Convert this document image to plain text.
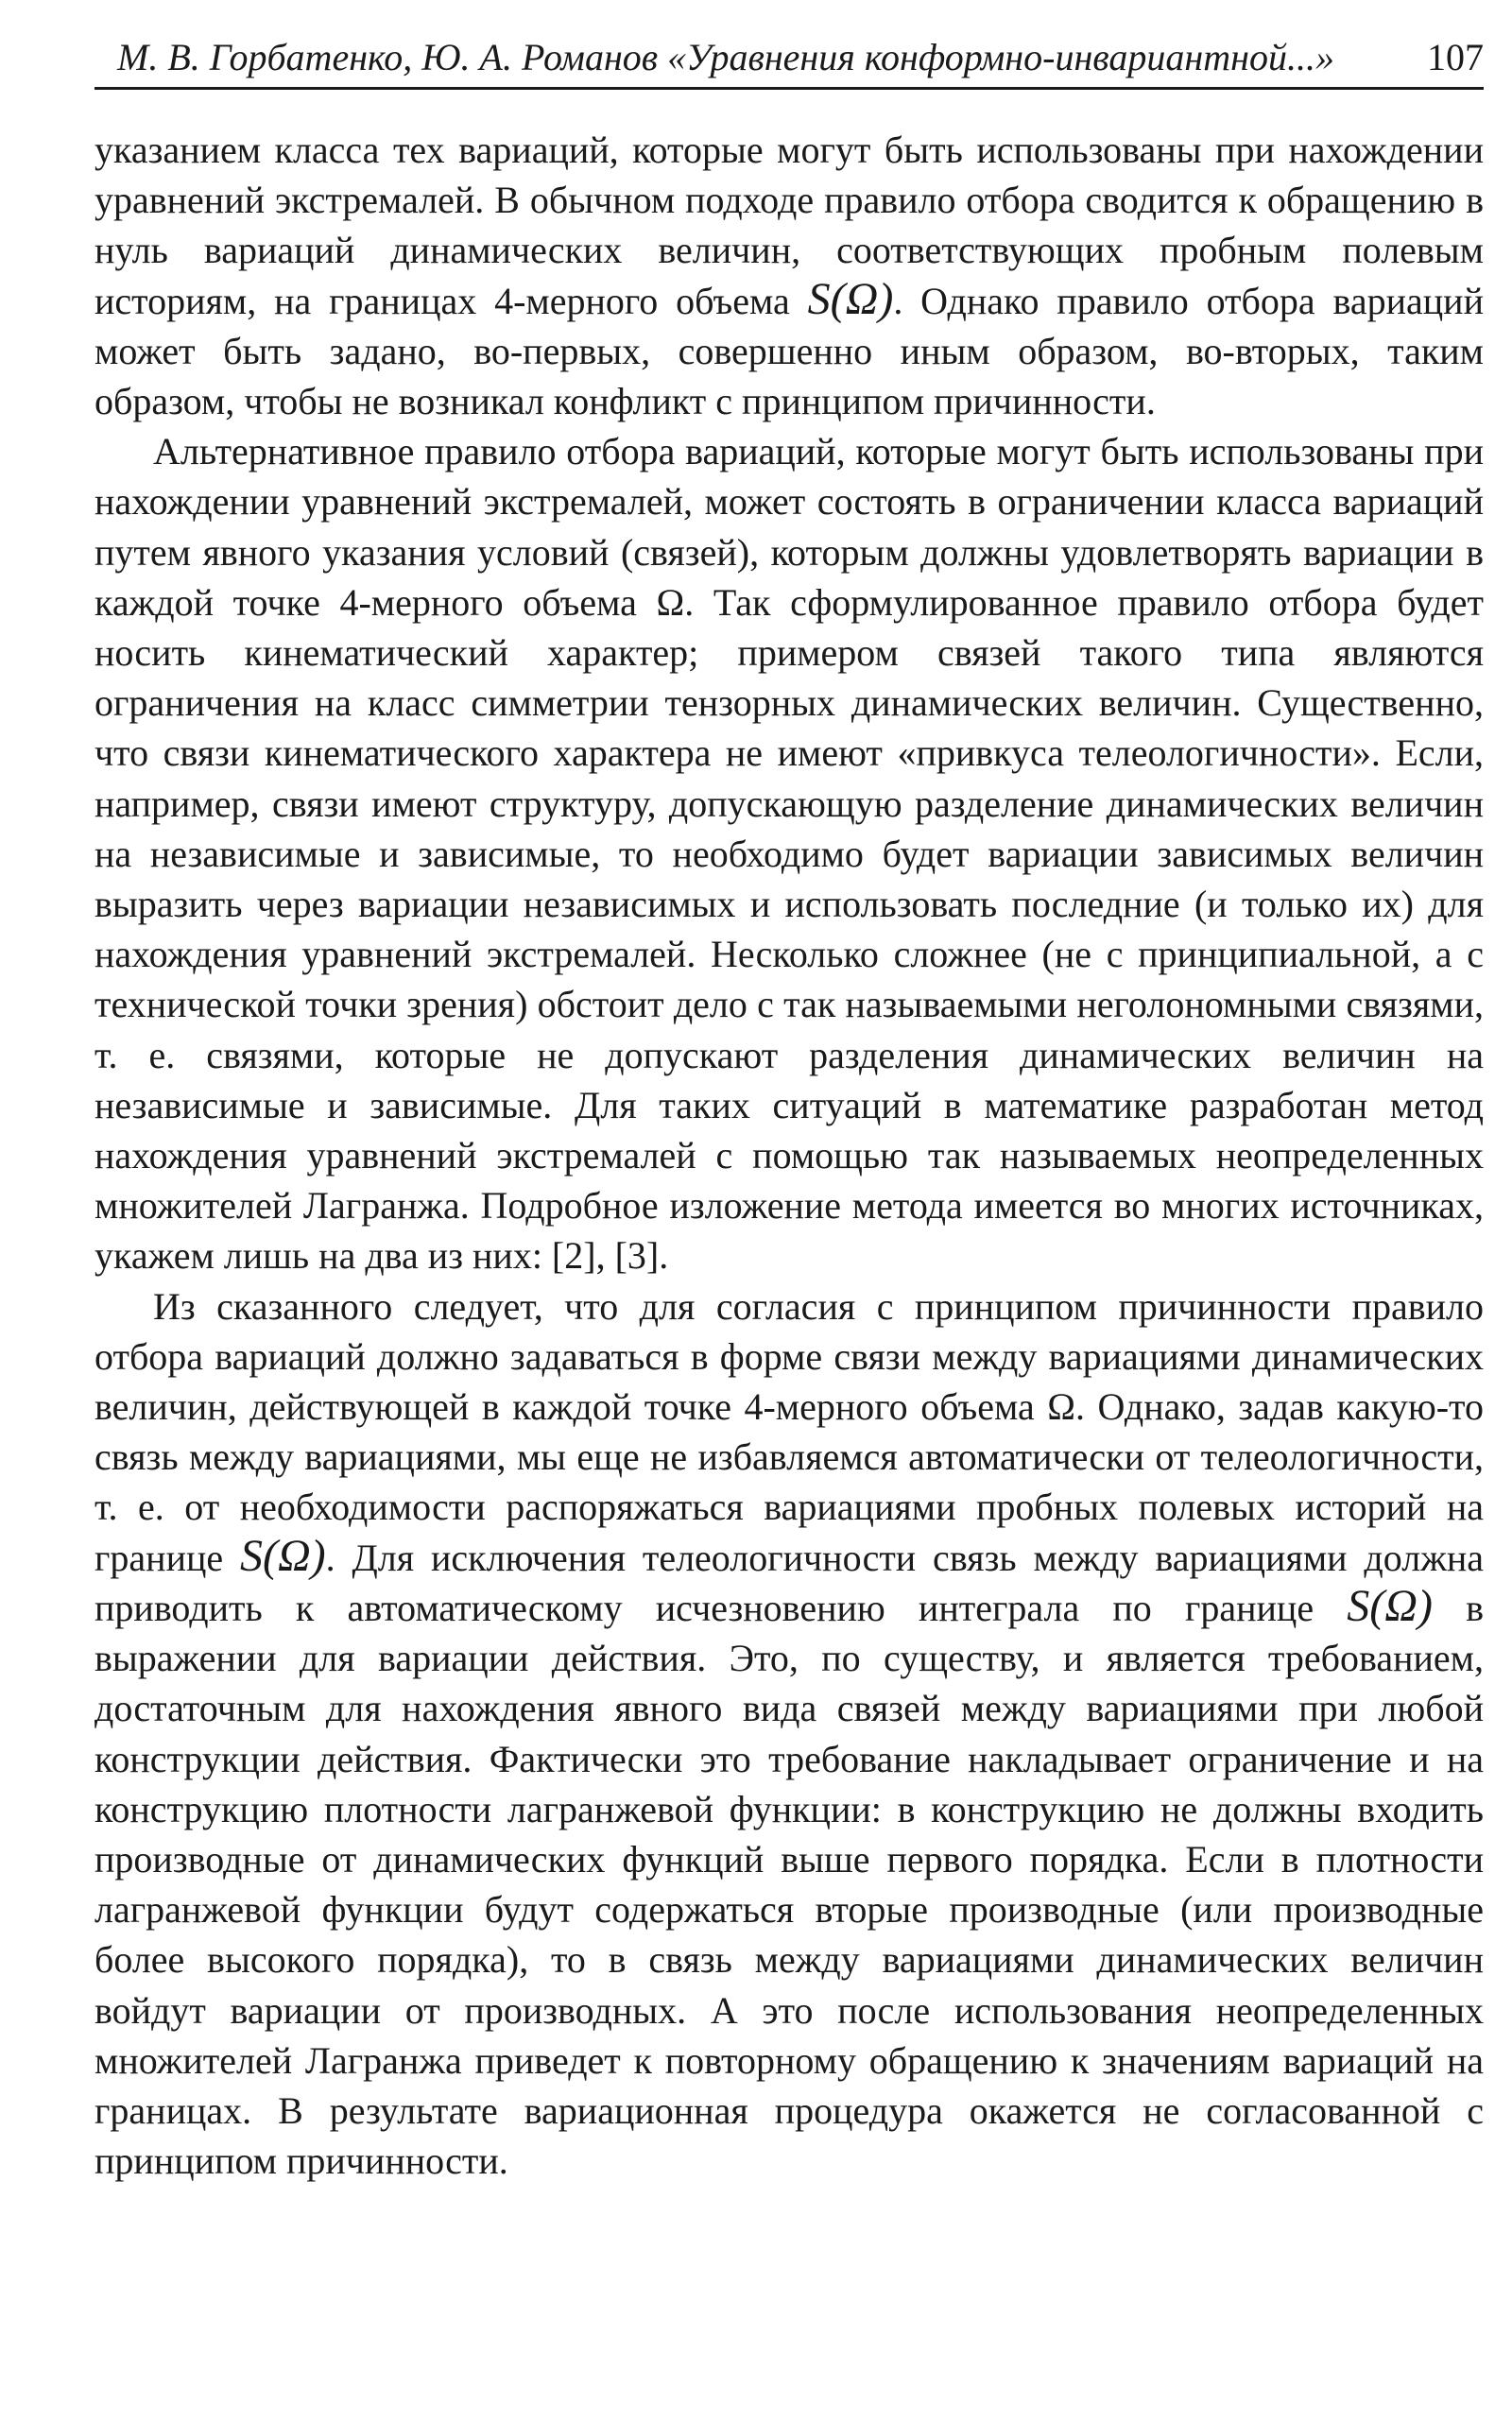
М. В. Горбатенко, Ю. А. Романов «Уравнения конформно-инвариантной...» 107

указанием класса тех вариаций, которые могут быть использованы при нахождении уравнений экстремалей. В обычном подходе правило отбора сводится к обращению в нуль вариаций динамических величин, соответствующих пробным полевым историям, на границах 4-мерного объема S(Ω). Однако правило отбора вариаций может быть задано, во-первых, совершенно иным образом, во-вторых, таким образом, чтобы не возникал конфликт с принципом причинности.

Альтернативное правило отбора вариаций, которые могут быть использованы при нахождении уравнений экстремалей, может состоять в ограничении класса вариаций путем явного указания условий (связей), которым должны удовлетворять вариации в каждой точке 4-мерного объема Ω. Так сформулированное правило отбора будет носить кинематический характер; примером связей такого типа являются ограничения на класс симметрии тензорных динамических величин. Существенно, что связи кинематического характера не имеют «привкуса телеологичности». Если, например, связи имеют структуру, допускающую разделение динамических величин на независимые и зависимые, то необходимо будет вариации зависимых величин выразить через вариации независимых и использовать последние (и только их) для нахождения уравнений экстремалей. Несколько сложнее (не с принципиальной, а с технической точки зрения) обстоит дело с так называемыми неголономными связями, т. е. связями, которые не допускают разделения динамических величин на независимые и зависимые. Для таких ситуаций в математике разработан метод нахождения уравнений экстремалей с помощью так называемых неопределенных множителей Лагранжа. Подробное изложение метода имеется во многих источниках, укажем лишь на два из них: [2], [3].

Из сказанного следует, что для согласия с принципом причинности правило отбора вариаций должно задаваться в форме связи между вариациями динамических величин, действующей в каждой точке 4-мерного объема Ω. Однако, задав какую-то связь между вариациями, мы еще не избавляемся автоматически от телеологичности, т. е. от необходимости распоряжаться вариациями пробных полевых историй на границе S(Ω). Для исключения телеологичности связь между вариациями должна приводить к автоматическому исчезновению интеграла по границе S(Ω) в выражении для вариации действия. Это, по существу, и является требованием, достаточным для нахождения явного вида связей между вариациями при любой конструкции действия. Фактически это требование накладывает ограничение и на конструкцию плотности лагранжевой функции: в конструкцию не должны входить производные от динамических функций выше первого порядка. Если в плотности лагранжевой функции будут содержаться вторые производные (или производные более высокого порядка), то в связь между вариациями динамических величин войдут вариации от производных. А это после использования неопределенных множителей Лагранжа приведет к повторному обращению к значениям вариаций на границах. В результате вариационная процедура окажется не согласованной с принципом причинности.
